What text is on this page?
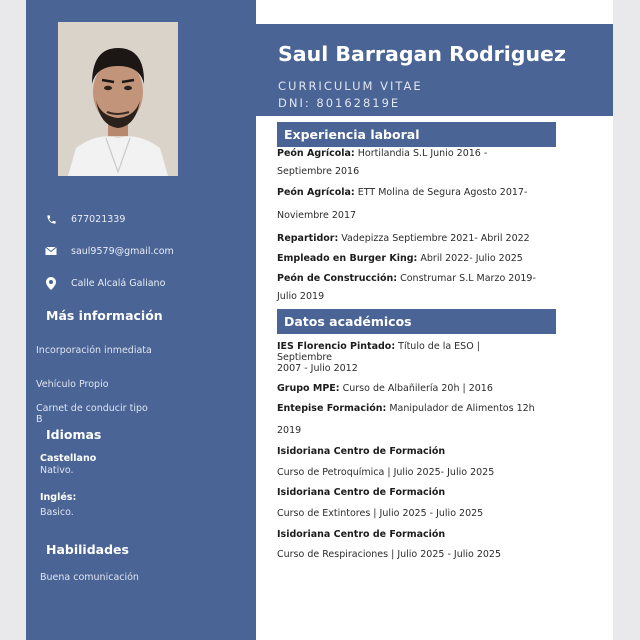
677021339
saul9579@gmail.com
Calle Alcalá Galiano
Más información
Incorporación inmediata
Vehículo Propio
Carnet de conducir tipo B
Idiomas
Castellano
Nativo.
Inglés:
Basico.
Habilidades
Buena comunicación
Saul Barragan Rodriguez
CURRICULUM VITAE
DNI: 80162819E
Experiencia laboral
Peón Agrícola: Hortilandia S.L Junio 2016 -
Septiembre 2016
Peón Agrícola: ETT Molina de Segura Agosto 2017-
Noviembre 2017
Repartidor: Vadepizza Septiembre 2021- Abril 2022
Empleado en Burger King: Abril 2022- Julio 2025
Peón de Construcción: Construmar S.L Marzo 2019-
Julio 2019
Datos académicos
IES Florencio Pintado: Título de la ESO | Septiembre
2007 - Julio 2012
Grupo MPE: Curso de Albañilería 20h | 2016
Entepise Formación: Manipulador de Alimentos 12h
2019
Isidoriana Centro de Formación
Curso de Petroquímica | Julio 2025- Julio 2025
Isidoriana Centro de Formación
Curso de Extintores | Julio 2025 - Julio 2025
Isidoriana Centro de Formación
Curso de Respiraciones | Julio 2025 - Julio 2025
